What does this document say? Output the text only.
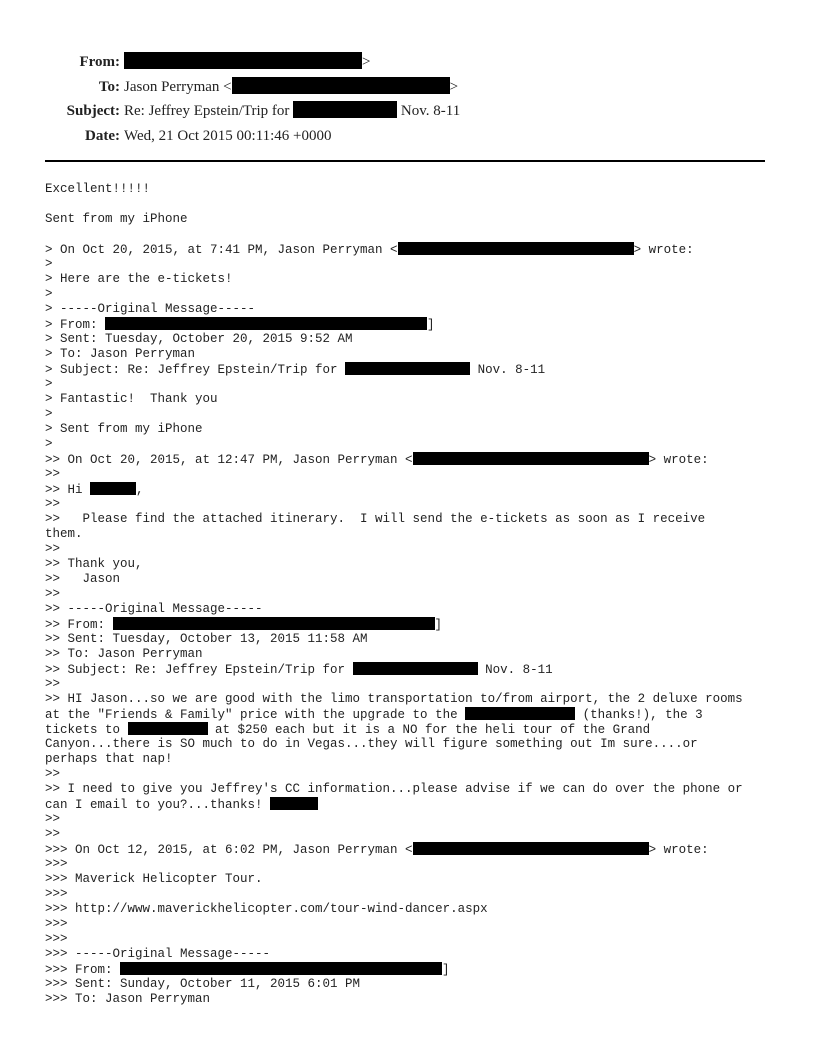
From:	>
To: Jason Perryman <	>
Subject: Re: Jeffrey Epstein/Trip for	Nov. 8-11
Date: Wed, 21 Oct 2015 00:11:46 +0000
Excellent!!!!!
Sent from my iPhone
> On Oct 20, 2015, at 7:41 PM, Jason Perryman <	> wrote:
>
> Here are the e-tickets!
>
> -----Original Message-----
> From:	]
> Sent: Tuesday, October 20, 2015 9:52 AM
> To: Jason Perryman
> Subject: Re: Jeffrey Epstein/Trip for	Nov. 8-11
>
> Fantastic!  Thank you
>
> Sent from my iPhone
>
>> On Oct 20, 2015, at 12:47 PM, Jason Perryman <	> wrote:
>>
>> Hi	,
>>
>>   Please find the attached itinerary.  I will send the e-tickets as soon as I receive
them.
>>
>> Thank you,
>>   Jason
>>
>> -----Original Message-----
>> From:	]
>> Sent: Tuesday, October 13, 2015 11:58 AM
>> To: Jason Perryman
>> Subject: Re: Jeffrey Epstein/Trip for	Nov. 8-11
>>
>> HI Jason...so we are good with the limo transportation to/from airport, the 2 deluxe rooms
at the "Friends & Family" price with the upgrade to the	(thanks!), the 3
tickets to	at $250 each but it is a NO for the heli tour of the Grand
Canyon...there is SO much to do in Vegas...they will figure something out Im sure....or
perhaps that nap!
>>
>> I need to give you Jeffrey's CC information...please advise if we can do over the phone or
can I email to you?...thanks!
>>
>>
>>> On Oct 12, 2015, at 6:02 PM, Jason Perryman <	> wrote:
>>>
>>> Maverick Helicopter Tour.
>>>
>>> http://www.maverickhelicopter.com/tour-wind-dancer.aspx
>>>
>>>
>>> -----Original Message-----
>>> From:	]
>>> Sent: Sunday, October 11, 2015 6:01 PM
>>> To: Jason Perryman
